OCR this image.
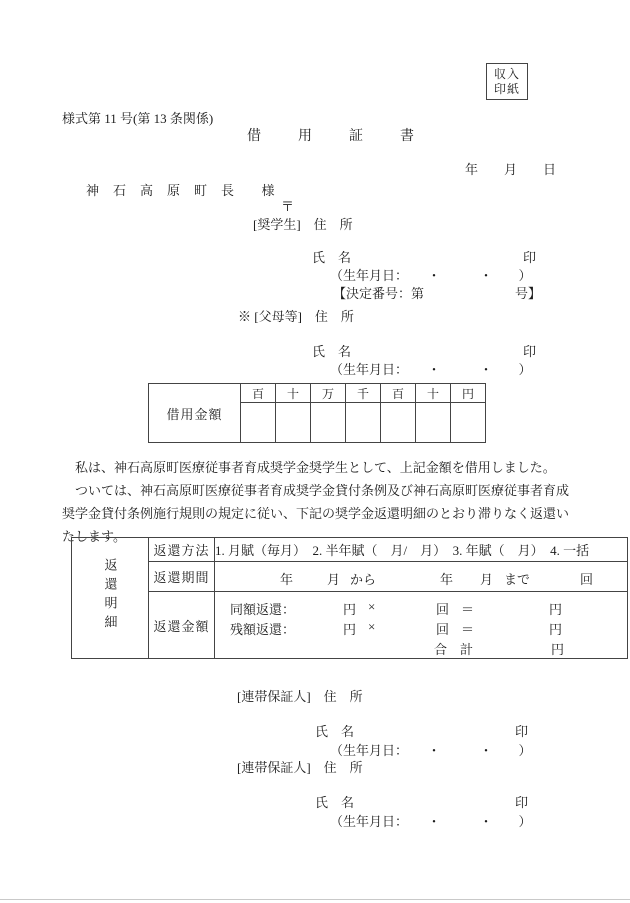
収入
印紙
様式第 11 号(第 13 条関係)
借　　用　　証　　書
年　　月　　日
神　石　高　原　町　長　　様
〒
[奨学生]　住　所
氏　名	印
（生年月日：　　・　　　・　　）
【決定番号：第　　　　　　　号】
※ [父母等]　住　所
氏　名	印
（生年月日：　　・　　　・　　）
借用金額	百	十	万	千	百	十	円

　私は、神石高原町医療従事者育成奨学金奨学生として、上記金額を借用しました。

　ついては、神石高原町医療従事者育成奨学金貸付条例及び神石高原町医療従事者育成奨学金貸付条例施行規則の規定に従い、下記の奨学金返還明細のとおり滞りなく返還いたします。

返還明細	返還方法	1. 月賦（毎月）　2. 半年賦（　月/　月）　3. 年賦（　月）　4. 一括
返還期間	年	月 から	年 月 まで	回

返還金額	
同額返還：	円 ×	回 ＝	円
残額返還：	円 ×	回 ＝	円
合　計	円
[連帯保証人]　住　所
氏　名	印
（生年月日：　　・　　　・　　）
[連帯保証人]　住　所
氏　名	印
（生年月日：　　・　　　・　　）
